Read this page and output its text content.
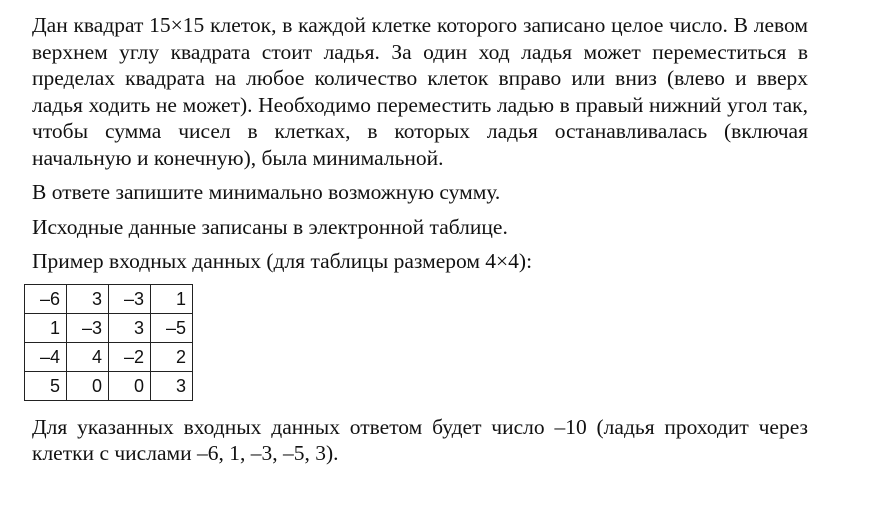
Дан квадрат 15×15 клеток, в каждой клетке которого записано целое число. В левом верхнем углу квадрата стоит ладья. За один ход ладья может переместиться в пределах квадрата на любое количество клеток вправо или вниз (влево и вверх ладья ходить не может). Необходимо переместить ладью в правый нижний угол так, чтобы сумма чисел в клетках, в которых ладья останавливалась (включая начальную и конечную), была минимальной.

В ответе запишите минимально возможную сумму.

Исходные данные записаны в электронной таблице.

Пример входных данных (для таблицы размером 4×4):

–6	3	–3	1
1	–3	3	–5
–4	4	–2	2
5	0	0	3

Для указанных входных данных ответом будет число –10 (ладья проходит через клетки с числами –6, 1, –3, –5, 3).
